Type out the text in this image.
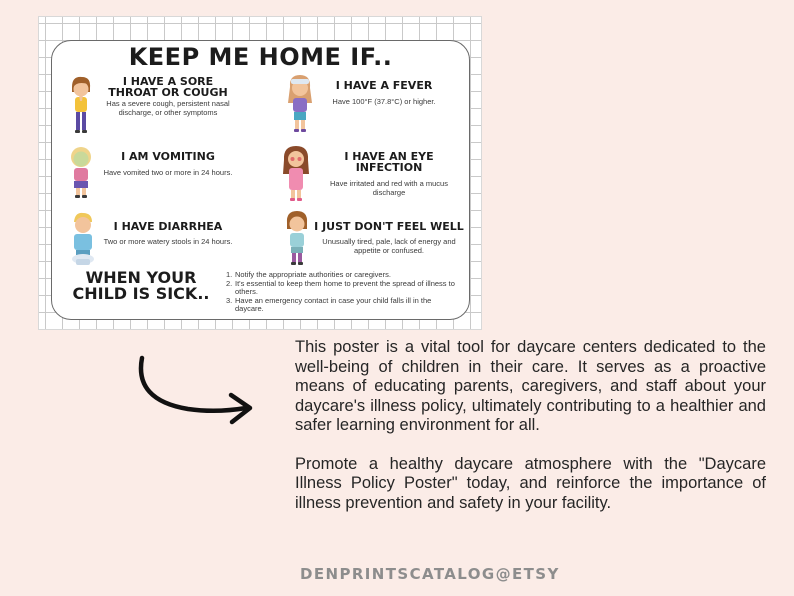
KEEP ME HOME IF..
I HAVE A SORE THROAT OR COUGH
Has a severe cough, persistent nasal discharge, or other symptoms
I HAVE A FEVER
Have 100°F (37.8°C) or higher.
I AM VOMITING
Have vomited two or more in 24 hours.
I HAVE AN EYE INFECTION
Have irritated and red with a mucus discharge
I HAVE DIARRHEA
Two or more watery stools in 24 hours.
I JUST DON'T FEEL WELL
Unusually tired, pale, lack of energy and appetite or confused.
WHEN YOUR CHILD IS SICK..
1. Notify the appropriate authorities or caregivers.
2. It's essential to keep them home to prevent the spread of illness to others.
3. Have an emergency contact in case your child falls ill in the daycare.

This poster is a vital tool for daycare centers dedicated to the well-being of children in their care. It serves as a proactive means of educating parents, caregivers, and staff about your daycare's illness policy, ultimately contributing to a healthier and safer learning environment for all.

Promote a healthy daycare atmosphere with the "Daycare Illness Policy Poster" today, and reinforce the importance of illness prevention and safety in your facility.

DENPRINTSCATALOG@ETSY
